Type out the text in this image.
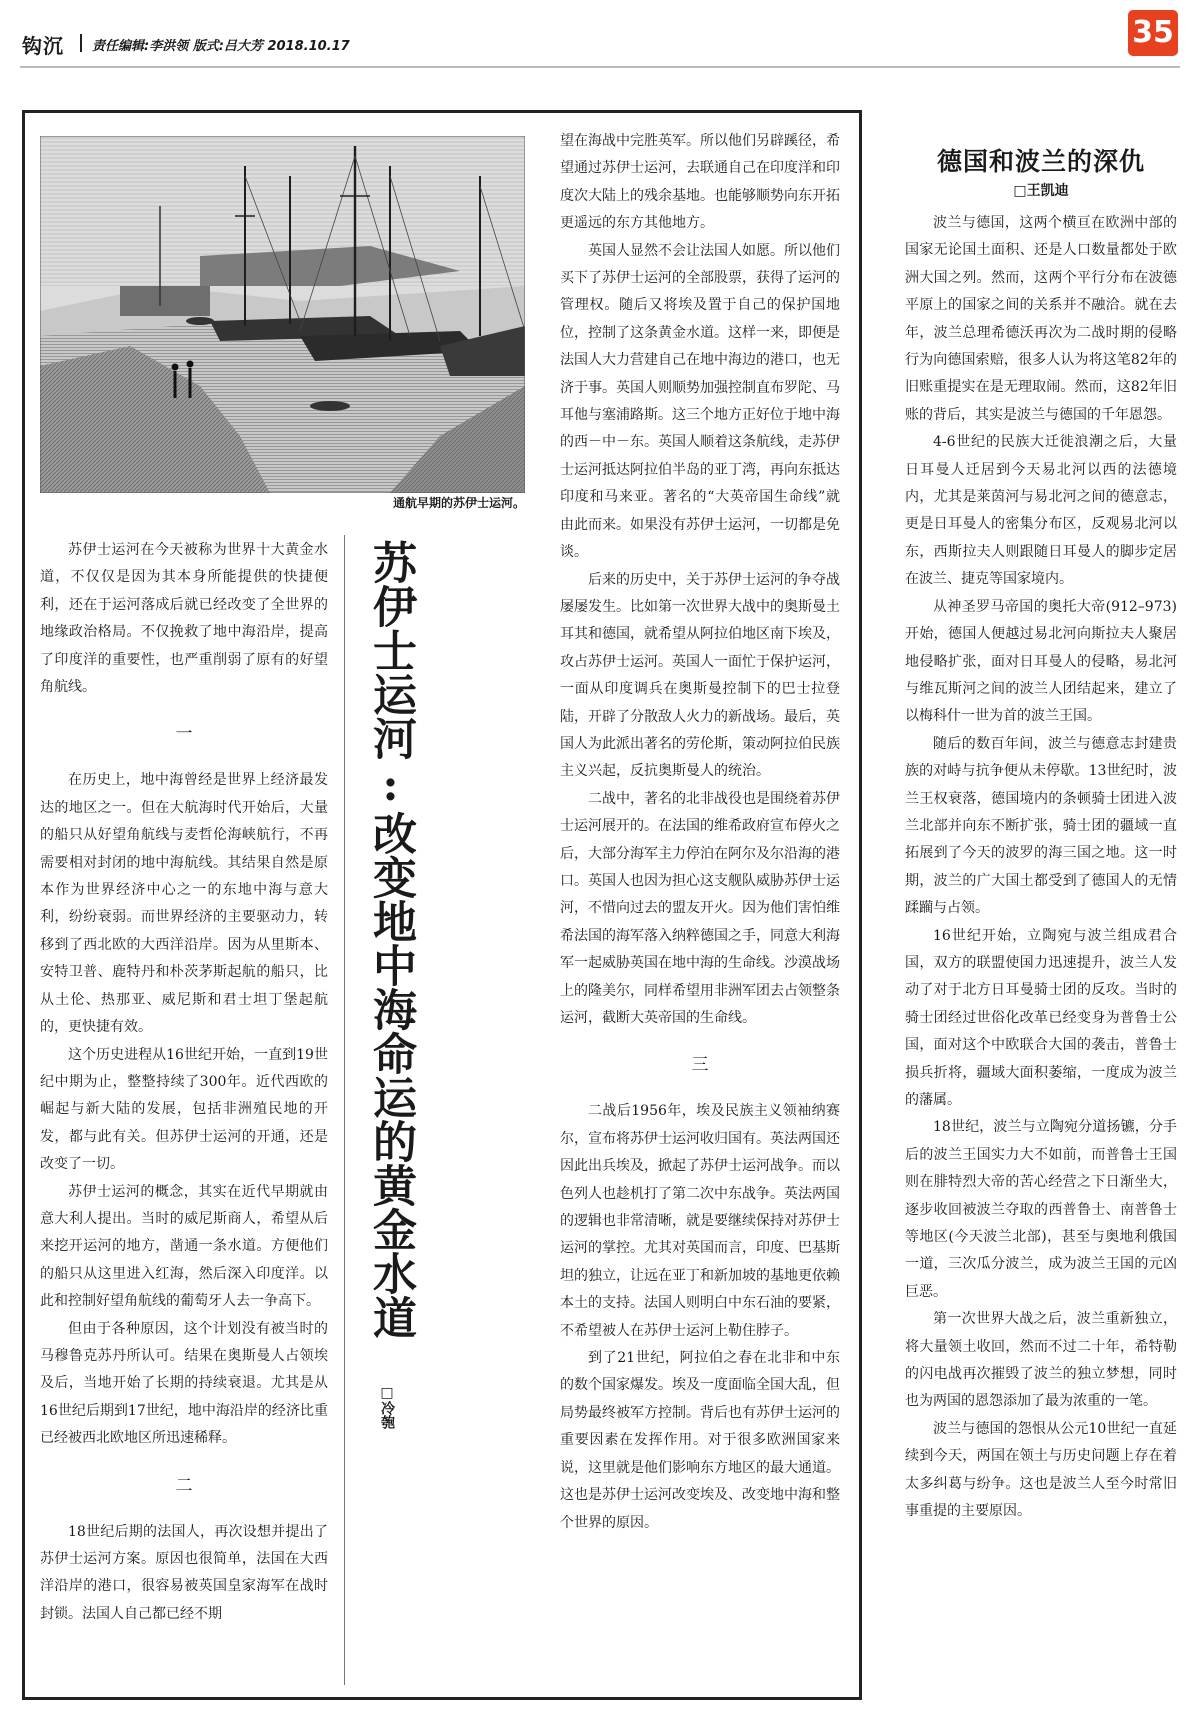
钩沉 责任编辑:李洪领 版式:吕大芳 2018.10.17	35
通航早期的苏伊士运河。

苏伊士运河在今天被称为世界十大黄金水道，不仅仅是因为其本身所能提供的快捷便利，还在于运河落成后就已经改变了全世界的地缘政治格局。不仅挽救了地中海沿岸，提高了印度洋的重要性，也严重削弱了原有的好望角航线。

一

在历史上，地中海曾经是世界上经济最发达的地区之一。但在大航海时代开始后，大量的船只从好望角航线与麦哲伦海峡航行，不再需要相对封闭的地中海航线。其结果自然是原本作为世界经济中心之一的东地中海与意大利，纷纷衰弱。而世界经济的主要驱动力，转移到了西北欧的大西洋沿岸。因为从里斯本、安特卫普、鹿特丹和朴茨茅斯起航的船只，比从土伦、热那亚、威尼斯和君士坦丁堡起航的，更快捷有效。

这个历史进程从16世纪开始，一直到19世纪中期为止，整整持续了300年。近代西欧的崛起与新大陆的发展，包括非洲殖民地的开发，都与此有关。但苏伊士运河的开通，还是改变了一切。

苏伊士运河的概念，其实在近代早期就由意大利人提出。当时的威尼斯商人，希望从后来挖开运河的地方，凿通一条水道。方便他们的船只从这里进入红海，然后深入印度洋。以此和控制好望角航线的葡萄牙人去一争高下。

但由于各种原因，这个计划没有被当时的马穆鲁克苏丹所认可。结果在奥斯曼人占领埃及后，当地开始了长期的持续衰退。尤其是从16世纪后期到17世纪，地中海沿岸的经济比重已经被西北欧地区所迅速稀释。

二

18世纪后期的法国人，再次设想并提出了苏伊士运河方案。原因也很简单，法国在大西洋沿岸的港口，很容易被英国皇家海军在战时封锁。法国人自己都已经不期

苏伊士运河:改变地中海命运的黄金水道
□冷匏

望在海战中完胜英军。所以他们另辟蹊径，希望通过苏伊士运河，去联通自己在印度洋和印度次大陆上的残余基地。也能够顺势向东开拓更遥远的东方其他地方。

英国人显然不会让法国人如愿。所以他们买下了苏伊士运河的全部股票，获得了运河的管理权。随后又将埃及置于自己的保护国地位，控制了这条黄金水道。这样一来，即便是法国人大力营建自己在地中海边的港口，也无济于事。英国人则顺势加强控制直布罗陀、马耳他与塞浦路斯。这三个地方正好位于地中海的西－中－东。英国人顺着这条航线，走苏伊士运河抵达阿拉伯半岛的亚丁湾，再向东抵达印度和马来亚。著名的“大英帝国生命线”就由此而来。如果没有苏伊士运河，一切都是免谈。

后来的历史中，关于苏伊士运河的争夺战屡屡发生。比如第一次世界大战中的奥斯曼土耳其和德国，就希望从阿拉伯地区南下埃及，攻占苏伊士运河。英国人一面忙于保护运河，一面从印度调兵在奥斯曼控制下的巴士拉登陆，开辟了分散敌人火力的新战场。最后，英国人为此派出著名的劳伦斯，策动阿拉伯民族主义兴起，反抗奥斯曼人的统治。

二战中，著名的北非战役也是围绕着苏伊士运河展开的。在法国的维希政府宣布停火之后，大部分海军主力停泊在阿尔及尔沿海的港口。英国人也因为担心这支舰队威胁苏伊士运河，不惜向过去的盟友开火。因为他们害怕维希法国的海军落入纳粹德国之手，同意大利海军一起威胁英国在地中海的生命线。沙漠战场上的隆美尔，同样希望用非洲军团去占领整条运河，截断大英帝国的生命线。

三

二战后1956年，埃及民族主义领袖纳赛尔，宣布将苏伊士运河收归国有。英法两国还因此出兵埃及，掀起了苏伊士运河战争。而以色列人也趁机打了第二次中东战争。英法两国的逻辑也非常清晰，就是要继续保持对苏伊士运河的掌控。尤其对英国而言，印度、巴基斯坦的独立，让远在亚丁和新加坡的基地更依赖本土的支持。法国人则明白中东石油的要紧，不希望被人在苏伊士运河上勒住脖子。

到了21世纪，阿拉伯之春在北非和中东的数个国家爆发。埃及一度面临全国大乱，但局势最终被军方控制。背后也有苏伊士运河的重要因素在发挥作用。对于很多欧洲国家来说，这里就是他们影响东方地区的最大通道。这也是苏伊士运河改变埃及、改变地中海和整个世界的原因。

德国和波兰的深仇
□王凯迪

波兰与德国，这两个横亘在欧洲中部的国家无论国土面积、还是人口数量都处于欧洲大国之列。然而，这两个平行分布在波德平原上的国家之间的关系并不融洽。就在去年，波兰总理希德沃再次为二战时期的侵略行为向德国索赔，很多人认为将这笔82年的旧账重提实在是无理取闹。然而，这82年旧账的背后，其实是波兰与德国的千年恩怨。

4-6世纪的民族大迁徙浪潮之后，大量日耳曼人迁居到今天易北河以西的法德境内，尤其是莱茵河与易北河之间的德意志，更是日耳曼人的密集分布区，反观易北河以东，西斯拉夫人则跟随日耳曼人的脚步定居在波兰、捷克等国家境内。

从神圣罗马帝国的奥托大帝(912–973)开始，德国人便越过易北河向斯拉夫人聚居地侵略扩张，面对日耳曼人的侵略，易北河与维瓦斯河之间的波兰人团结起来，建立了以梅科什一世为首的波兰王国。

随后的数百年间，波兰与德意志封建贵族的对峙与抗争便从未停歇。13世纪时，波兰王权衰落，德国境内的条顿骑士团进入波兰北部并向东不断扩张，骑士团的疆域一直拓展到了今天的波罗的海三国之地。这一时期，波兰的广大国土都受到了德国人的无情蹂躏与占领。

16世纪开始，立陶宛与波兰组成君合国，双方的联盟使国力迅速提升，波兰人发动了对于北方日耳曼骑士团的反攻。当时的骑士团经过世俗化改革已经变身为普鲁士公国，面对这个中欧联合大国的袭击，普鲁士损兵折将，疆域大面积萎缩，一度成为波兰的藩属。

18世纪，波兰与立陶宛分道扬镳，分手后的波兰王国实力大不如前，而普鲁士王国则在腓特烈大帝的苦心经营之下日渐坐大，逐步收回被波兰夺取的西普鲁士、南普鲁士等地区(今天波兰北部)，甚至与奥地利俄国一道，三次瓜分波兰，成为波兰王国的元凶巨恶。

第一次世界大战之后，波兰重新独立，将大量领土收回，然而不过二十年，希特勒的闪电战再次摧毁了波兰的独立梦想，同时也为两国的恩怨添加了最为浓重的一笔。

波兰与德国的怨恨从公元10世纪一直延续到今天，两国在领土与历史问题上存在着太多纠葛与纷争。这也是波兰人至今时常旧事重提的主要原因。
